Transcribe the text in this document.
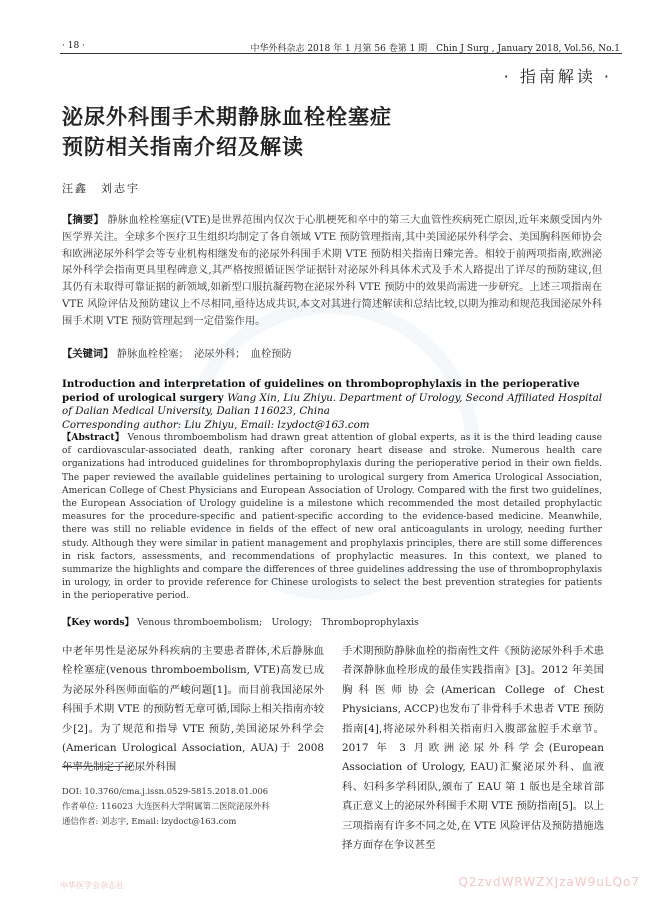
· 18 ·	中华外科杂志 2018 年 1 月第 56 卷第 1 期　Chin J Surg , January 2018, Vol.56, No.1
· 指南解读 ·
泌尿外科围手术期静脉血栓栓塞症
预防相关指南介绍及解读
汪鑫　刘志宇
【摘要】 静脉血栓栓塞症(VTE)是世界范围内仅次于心肌梗死和卒中的第三大血管性疾病死亡原因,近年来颇受国内外医学界关注。全球多个医疗卫生组织均制定了各自领域 VTE 预防管理指南,其中美国泌尿外科学会、美国胸科医师协会和欧洲泌尿外科学会等专业机构相继发布的泌尿外科围手术期 VTE 预防相关指南日臻完善。相较于前两项指南,欧洲泌尿外科学会指南更具里程碑意义,其严格按照循证医学证据针对泌尿外科具体术式及手术人路提出了详尽的预防建议,但其仍有未取得可靠证据的新领域,如新型口服抗凝药物在泌尿外科 VTE 预防中的效果尚需进一步研究。上述三项指南在 VTE 风险评估及预防建议上不尽相同,亟待达成共识,本文对其进行简述解读和总结比较,以期为推动和规范我国泌尿外科围手术期 VTE 预防管理起到一定借鉴作用。
【关键词】 静脉血栓栓塞；　泌尿外科；　血栓预防
Introduction and interpretation of guidelines on thromboprophylaxis in the perioperative period of urological surgery Wang Xin, Liu Zhiyu. Department of Urology, Second Affiliated Hospital of Dalian Medical University, Dalian 116023, China
Corresponding author: Liu Zhiyu, Email: lzydoct@163.com
【Abstract】 Venous thromboembolism had drawn great attention of global experts, as it is the third leading cause of cardiovascular-associated death, ranking after coronary heart disease and stroke. Numerous health care organizations had introduced guidelines for thromboprophylaxis during the perioperative period in their own fields. The paper reviewed the available guidelines pertaining to urological surgery from America Urological Association, American College of Chest Physicians and European Association of Urology. Compared with the first two guidelines, the European Association of Urology guideline is a milestone which recommended the most detailed prophylactic measures for the procedure-specific and patient-specific according to the evidence-based medicine. Meanwhile, there was still no reliable evidence in fields of the effect of new oral anticoagulants in urology, needing further study. Although they were similar in patient management and prophylaxis principles, there are still some differences in risk factors, assessments, and recommendations of prophylactic measures. In this context, we planed to summarize the highlights and compare the differences of three guidelines addressing the use of thromboprophylaxis in urology, in order to provide reference for Chinese urologists to select the best prevention strategies for patients in the perioperative period.
【Key words】 Venous thromboembolism;　Urology;　Thromboprophylaxis
中老年男性是泌尿外科疾病的主要患者群体,术后静脉血栓栓塞症(venous thromboembolism, VTE)高发已成为泌尿外科医师面临的严峻问题[1]。而目前我国泌尿外科围手术期 VTE 的预防暂无章可循,国际上相关指南亦较少[2]。为了规范和指导 VTE 预防,美国泌尿外科学会(American Urological Association, AUA)于 2008 年率先制定了泌尿外科围
手术期预防静脉血栓的指南性文件《预防泌尿外科手术患者深静脉血栓形成的最佳实践指南》[3]。2012 年美国胸科医师协会(American College of Chest Physicians, ACCP)也发布了非骨科手术患者 VTE 预防指南[4],将泌尿外科相关指南归入腹部盆腔手术章节。2017 年 3 月欧洲泌尿外科学会(European Association of Urology, EAU)汇聚泌尿外科、血液科、妇科多学科团队,颁布了 EAU 第 1 版也是全球首部真正意义上的泌尿外科围手术期 VTE 预防指南[5]。以上三项指南有许多不同之处,在 VTE 风险评估及预防措施选择方面存在争议甚至
DOI: 10.3760/cma.j.issn.0529-5815.2018.01.006
作者单位: 116023 大连医科大学附属第二医院泌尿外科
通信作者: 刘志宇, Email: lzydoct@163.com
中华医学会杂志社	Q2zvdWRWZXJzaW9uLQo7
